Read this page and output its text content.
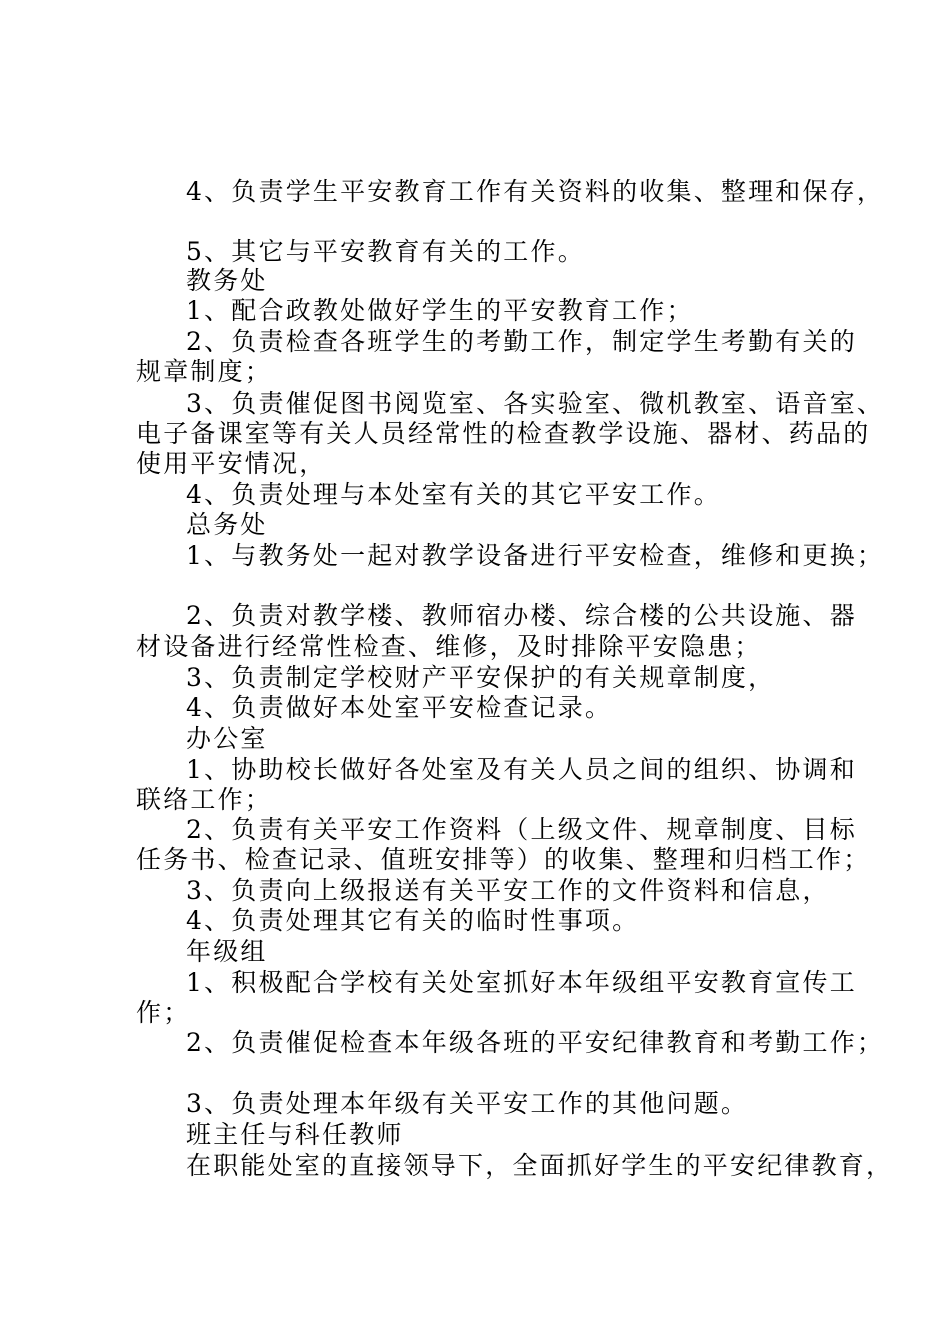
4、负责学生平安教育工作有关资料的收集、整理和保存，
5、其它与平安教育有关的工作。
教务处
1、配合政教处做好学生的平安教育工作；
2、负责检查各班学生的考勤工作，制定学生考勤有关的
规章制度；
3、负责催促图书阅览室、各实验室、微机教室、语音室、
电子备课室等有关人员经常性的检查教学设施、器材、药品的
使用平安情况，
4、负责处理与本处室有关的其它平安工作。
总务处
1、与教务处一起对教学设备进行平安检查，维修和更换；
2、负责对教学楼、教师宿办楼、综合楼的公共设施、器
材设备进行经常性检查、维修，及时排除平安隐患；
3、负责制定学校财产平安保护的有关规章制度，
4、负责做好本处室平安检查记录。
办公室
1、协助校长做好各处室及有关人员之间的组织、协调和
联络工作；
2、负责有关平安工作资料（上级文件、规章制度、目标
任务书、检查记录、值班安排等）的收集、整理和归档工作；
3、负责向上级报送有关平安工作的文件资料和信息，
4、负责处理其它有关的临时性事项。
年级组
1、积极配合学校有关处室抓好本年级组平安教育宣传工
作；
2、负责催促检查本年级各班的平安纪律教育和考勤工作；
3、负责处理本年级有关平安工作的其他问题。
班主任与科任教师
在职能处室的直接领导下，全面抓好学生的平安纪律教育，
